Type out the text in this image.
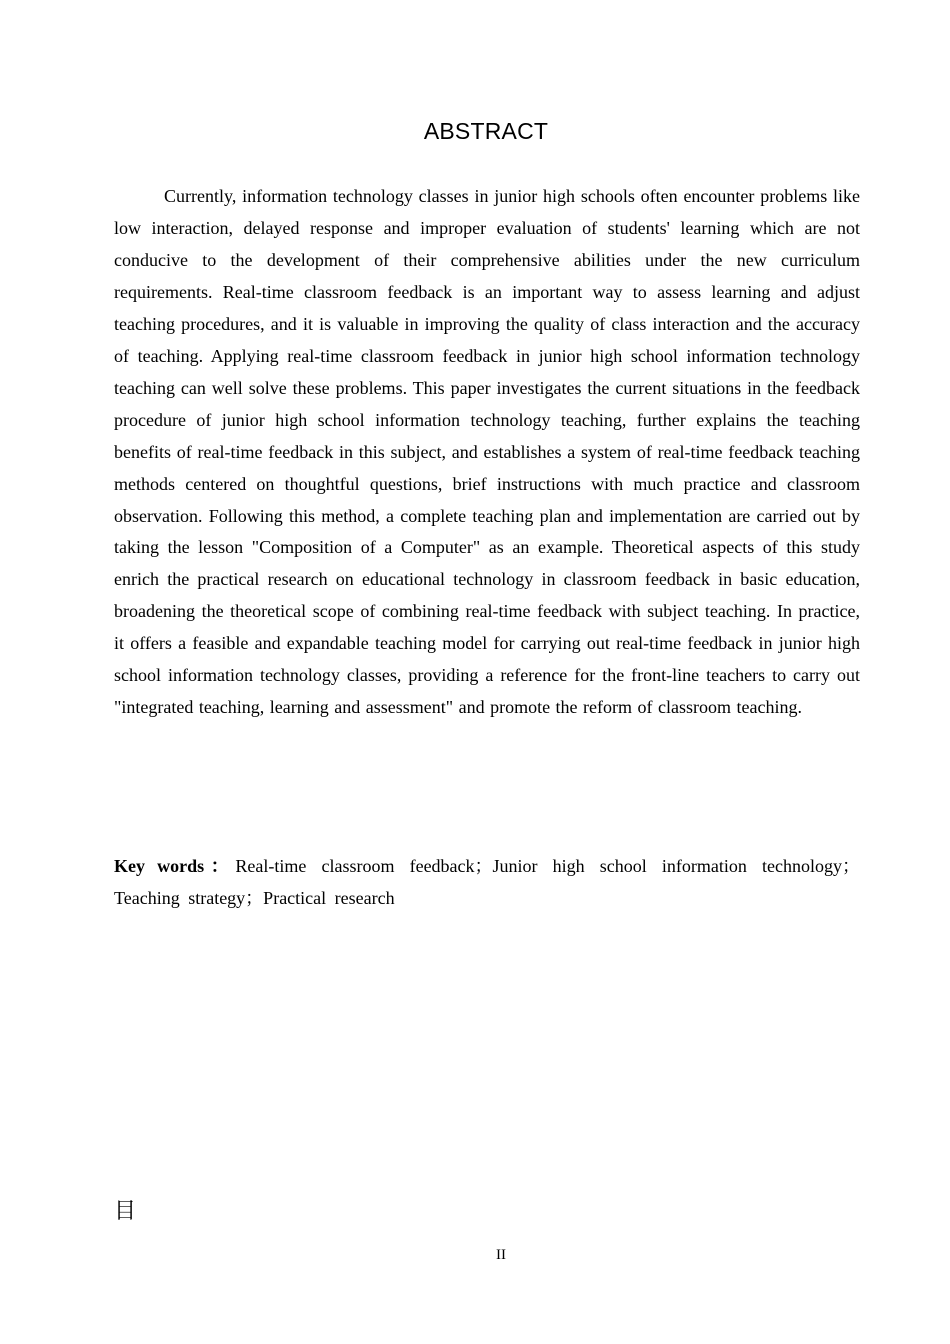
ABSTRACT

Currently, information technology classes in junior high schools often encounter problems like low interaction, delayed response and improper evaluation of students' learning which are not conducive to the development of their comprehensive abilities under the new curriculum requirements. Real-time classroom feedback is an important way to assess learning and adjust teaching procedures, and it is valuable in improving the quality of class interaction and the accuracy of teaching. Applying real-time classroom feedback in junior high school information technology teaching can well solve these problems. This paper investigates the current situations in the feedback procedure of junior high school information technology teaching, further explains the teaching benefits of real-time feedback in this subject, and establishes a system of real-time feedback teaching methods centered on thoughtful questions, brief instructions with much practice and classroom observation. Following this method, a complete teaching plan and implementation are carried out by taking the lesson "Composition of a Computer" as an example. Theoretical aspects of this study enrich the practical research on educational technology in classroom feedback in basic education, broadening the theoretical scope of combining real-time feedback with subject teaching. In practice, it offers a feasible and expandable teaching model for carrying out real-time feedback in junior high school information technology classes, providing a reference for the front-line teachers to carry out "integrated teaching, learning and assessment" and promote the reform of classroom teaching.

Key words：Real-time classroom feedback；Junior high school information technology；Teaching strategy；Practical research

目
II
